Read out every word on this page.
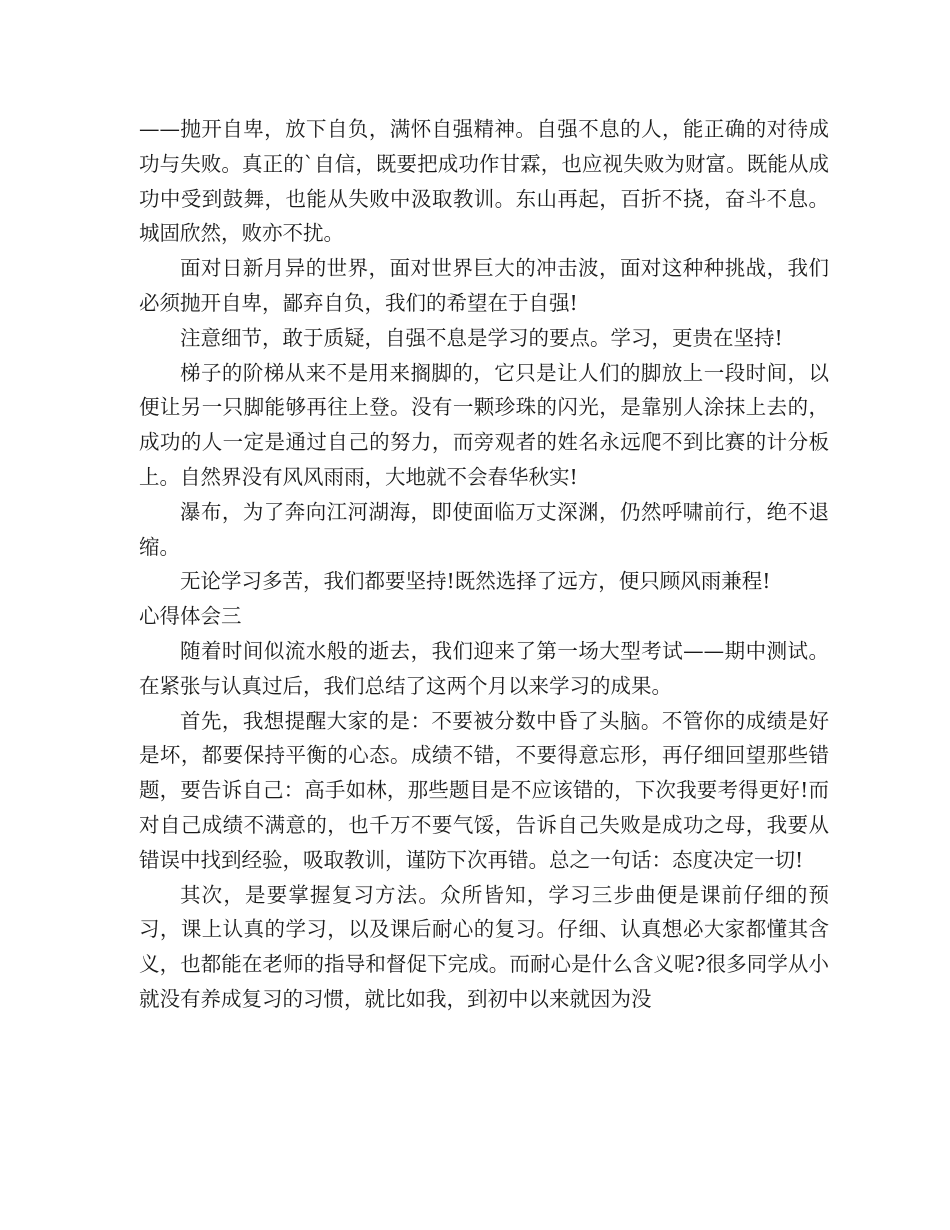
——抛开自卑，放下自负，满怀自强精神。自强不息的人，能正确的对待成功与失败。真正的`自信，既要把成功作甘霖，也应视失败为财富。既能从成功中受到鼓舞，也能从失败中汲取教训。东山再起，百折不挠，奋斗不息。城固欣然，败亦不扰。

面对日新月异的世界，面对世界巨大的冲击波，面对这种种挑战，我们必须抛开自卑，鄙弃自负，我们的希望在于自强!

注意细节，敢于质疑，自强不息是学习的要点。学习，更贵在坚持!

梯子的阶梯从来不是用来搁脚的，它只是让人们的脚放上一段时间，以便让另一只脚能够再往上登。没有一颗珍珠的闪光，是靠别人涂抹上去的，成功的人一定是通过自己的努力，而旁观者的姓名永远爬不到比赛的计分板上。自然界没有风风雨雨，大地就不会春华秋实!

瀑布，为了奔向江河湖海，即使面临万丈深渊，仍然呼啸前行，绝不退缩。

无论学习多苦，我们都要坚持!既然选择了远方，便只顾风雨兼程!

心得体会三

随着时间似流水般的逝去，我们迎来了第一场大型考试——期中测试。在紧张与认真过后，我们总结了这两个月以来学习的成果。

首先，我想提醒大家的是：不要被分数中昏了头脑。不管你的成绩是好是坏，都要保持平衡的心态。成绩不错，不要得意忘形，再仔细回望那些错题，要告诉自己：高手如林，那些题目是不应该错的，下次我要考得更好!而对自己成绩不满意的，也千万不要气馁，告诉自己失败是成功之母，我要从错误中找到经验，吸取教训，谨防下次再错。总之一句话：态度决定一切!

其次，是要掌握复习方法。众所皆知，学习三步曲便是课前仔细的预习，课上认真的学习，以及课后耐心的复习。仔细、认真想必大家都懂其含义，也都能在老师的指导和督促下完成。而耐心是什么含义呢?很多同学从小就没有养成复习的习惯，就比如我，到初中以来就因为没
